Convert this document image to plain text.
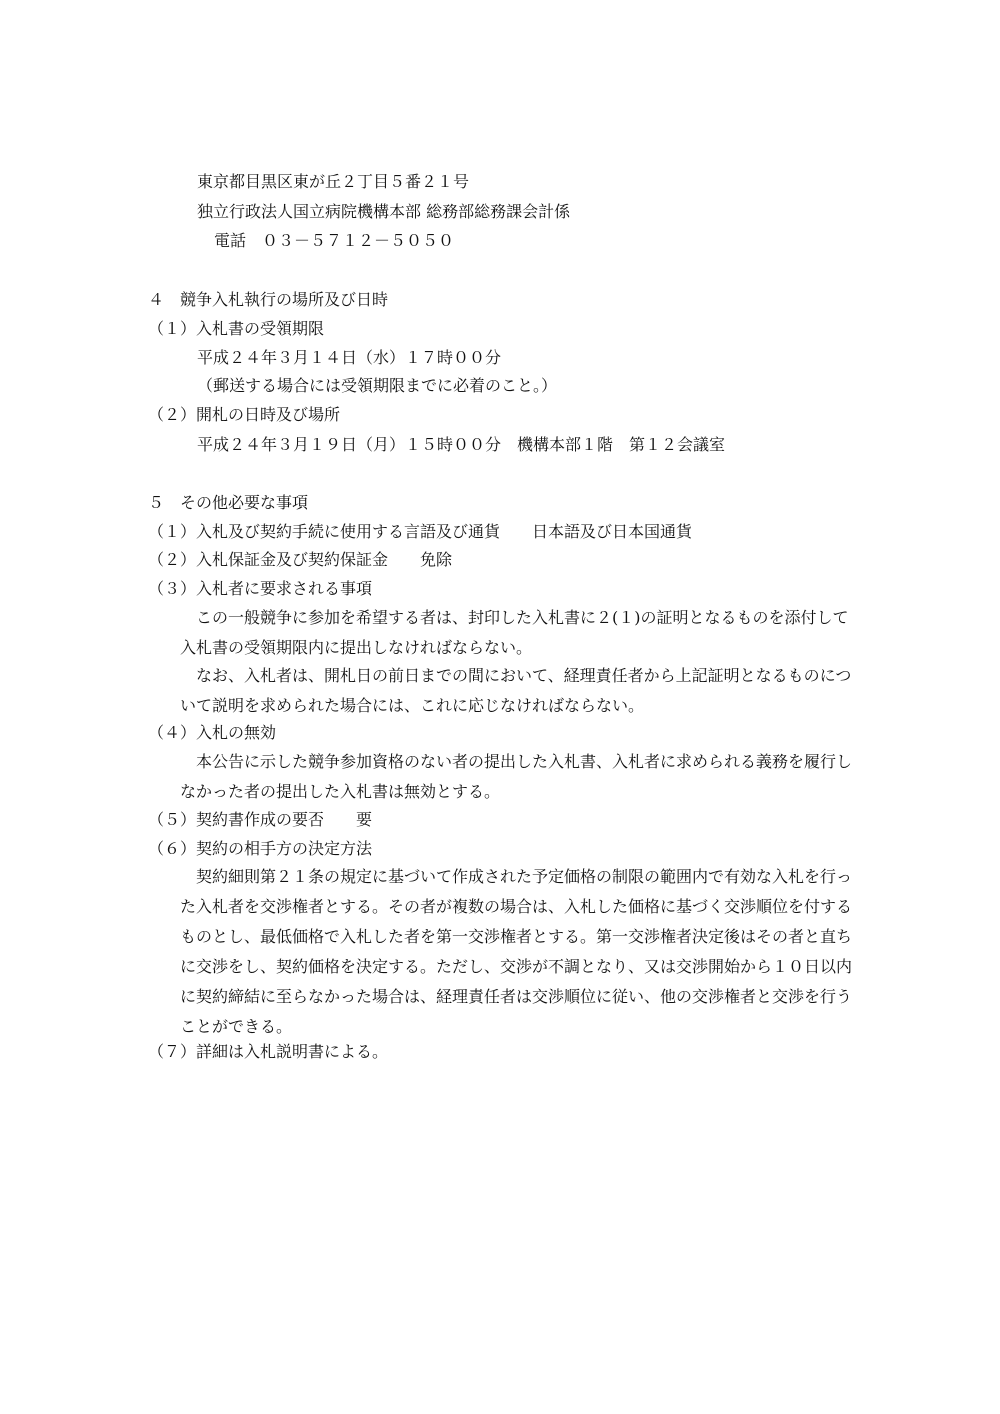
東京都目黒区東が丘２丁目５番２１号
独立行政法人国立病院機構本部 総務部総務課会計係
電話　０３－５７１２－５０５０
４　競争入札執行の場所及び日時
（１）入札書の受領期限
平成２４年３月１４日（水）１７時００分
（郵送する場合には受領期限までに必着のこと。）
（２）開札の日時及び場所
平成２４年３月１９日（月）１５時００分　機構本部１階　第１２会議室
５　その他必要な事項
（１）入札及び契約手続に使用する言語及び通貨　　日本語及び日本国通貨
（２）入札保証金及び契約保証金　　免除
（３）入札者に要求される事項
　この一般競争に参加を希望する者は、封印した入札書に２(１)の証明となるものを添付して入札書の受領期限内に提出しなければならない。
　なお、入札者は、開札日の前日までの間において、経理責任者から上記証明となるものについて説明を求められた場合には、これに応じなければならない。
（４）入札の無効
　本公告に示した競争参加資格のない者の提出した入札書、入札者に求められる義務を履行しなかった者の提出した入札書は無効とする。
（５）契約書作成の要否　　要
（６）契約の相手方の決定方法
　契約細則第２１条の規定に基づいて作成された予定価格の制限の範囲内で有効な入札を行った入札者を交渉権者とする。その者が複数の場合は、入札した価格に基づく交渉順位を付するものとし、最低価格で入札した者を第一交渉権者とする。第一交渉権者決定後はその者と直ちに交渉をし、契約価格を決定する。ただし、交渉が不調となり、又は交渉開始から１０日以内に契約締結に至らなかった場合は、経理責任者は交渉順位に従い、他の交渉権者と交渉を行うことができる。
（７）詳細は入札説明書による。
